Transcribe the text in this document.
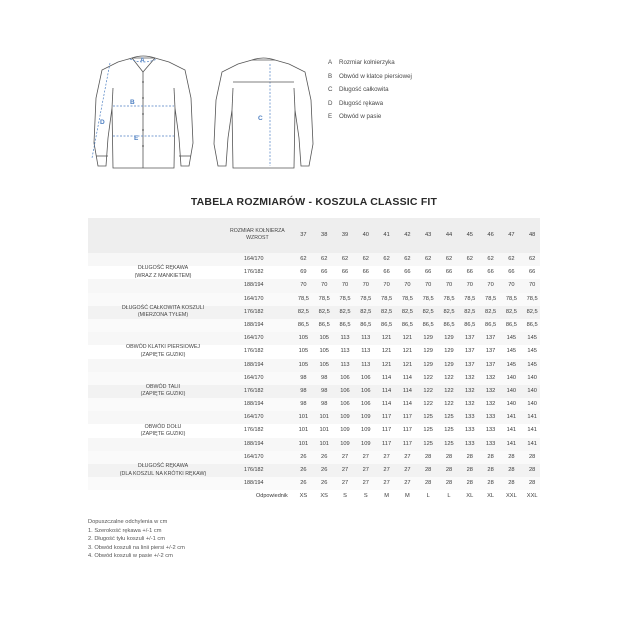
A
B
D
E
C
A Rozmiar kołnierzyka
B Obwód w klatce piersiowej
C Długość całkowita
D Długość rękawa
E Obwód w pasie
TABELA ROZMIARÓW - KOSZULA CLASSIC FIT
ROZMIAR KOŁNIERZA
WZROST	37	38	39	40	41	42	43	44	45	46	47	48
DŁUGOŚĆ RĘKAWA
(WRAZ Z MANKIETEM)
164/170	62	62	62	62	62	62	62	62	62	62	62	62
176/182	69	66	66	66	66	66	66	66	66	66	66	66
188/194	70	70	70	70	70	70	70	70	70	70	70	70
DŁUGOŚĆ CAŁKOWITA KOSZULI
(MIERZONA TYŁEM)
164/170	78,5	78,5	78,5	78,5	78,5	78,5	78,5	78,5	78,5	78,5	78,5	78,5
176/182	82,5	82,5	82,5	82,5	82,5	82,5	82,5	82,5	82,5	82,5	82,5	82,5
188/194	86,5	86,5	86,5	86,5	86,5	86,5	86,5	86,5	86,5	86,5	86,5	86,5
OBWÓD KLATKI PIERSIOWEJ
(ZAPIĘTE GUZIKI)
164/170	105	105	113	113	121	121	129	129	137	137	145	145
176/182	105	105	113	113	121	121	129	129	137	137	145	145
188/194	105	105	113	113	121	121	129	129	137	137	145	145
OBWÓD TALII
(ZAPIĘTE GUZIKI)
164/170	98	98	106	106	114	114	122	122	132	132	140	140
176/182	98	98	106	106	114	114	122	122	132	132	140	140
188/194	98	98	106	106	114	114	122	122	132	132	140	140
OBWÓD DOŁU
(ZAPIĘTE GUZIKI)
164/170	101	101	109	109	117	117	125	125	133	133	141	141
176/182	101	101	109	109	117	117	125	125	133	133	141	141
188/194	101	101	109	109	117	117	125	125	133	133	141	141
DŁUGOŚĆ RĘKAWA
(DLA KOSZUL NA KRÓTKI RĘKAW)
164/170	26	26	27	27	27	27	28	28	28	28	28	28
176/182	26	26	27	27	27	27	28	28	28	28	28	28
188/194	26	26	27	27	27	27	28	28	28	28	28	28
Odpowiednik	XS	XS	S	S	M	M	L	L	XL	XL	XXL	XXL
Dopuszczalne odchylenia w cm
1. Szerokość rękawa +/-1 cm
2. Długość tyłu koszuli +/-1 cm
3. Obwód koszuli na linii piersi +/-2 cm
4. Obwód koszuli w pasie +/-2 cm
